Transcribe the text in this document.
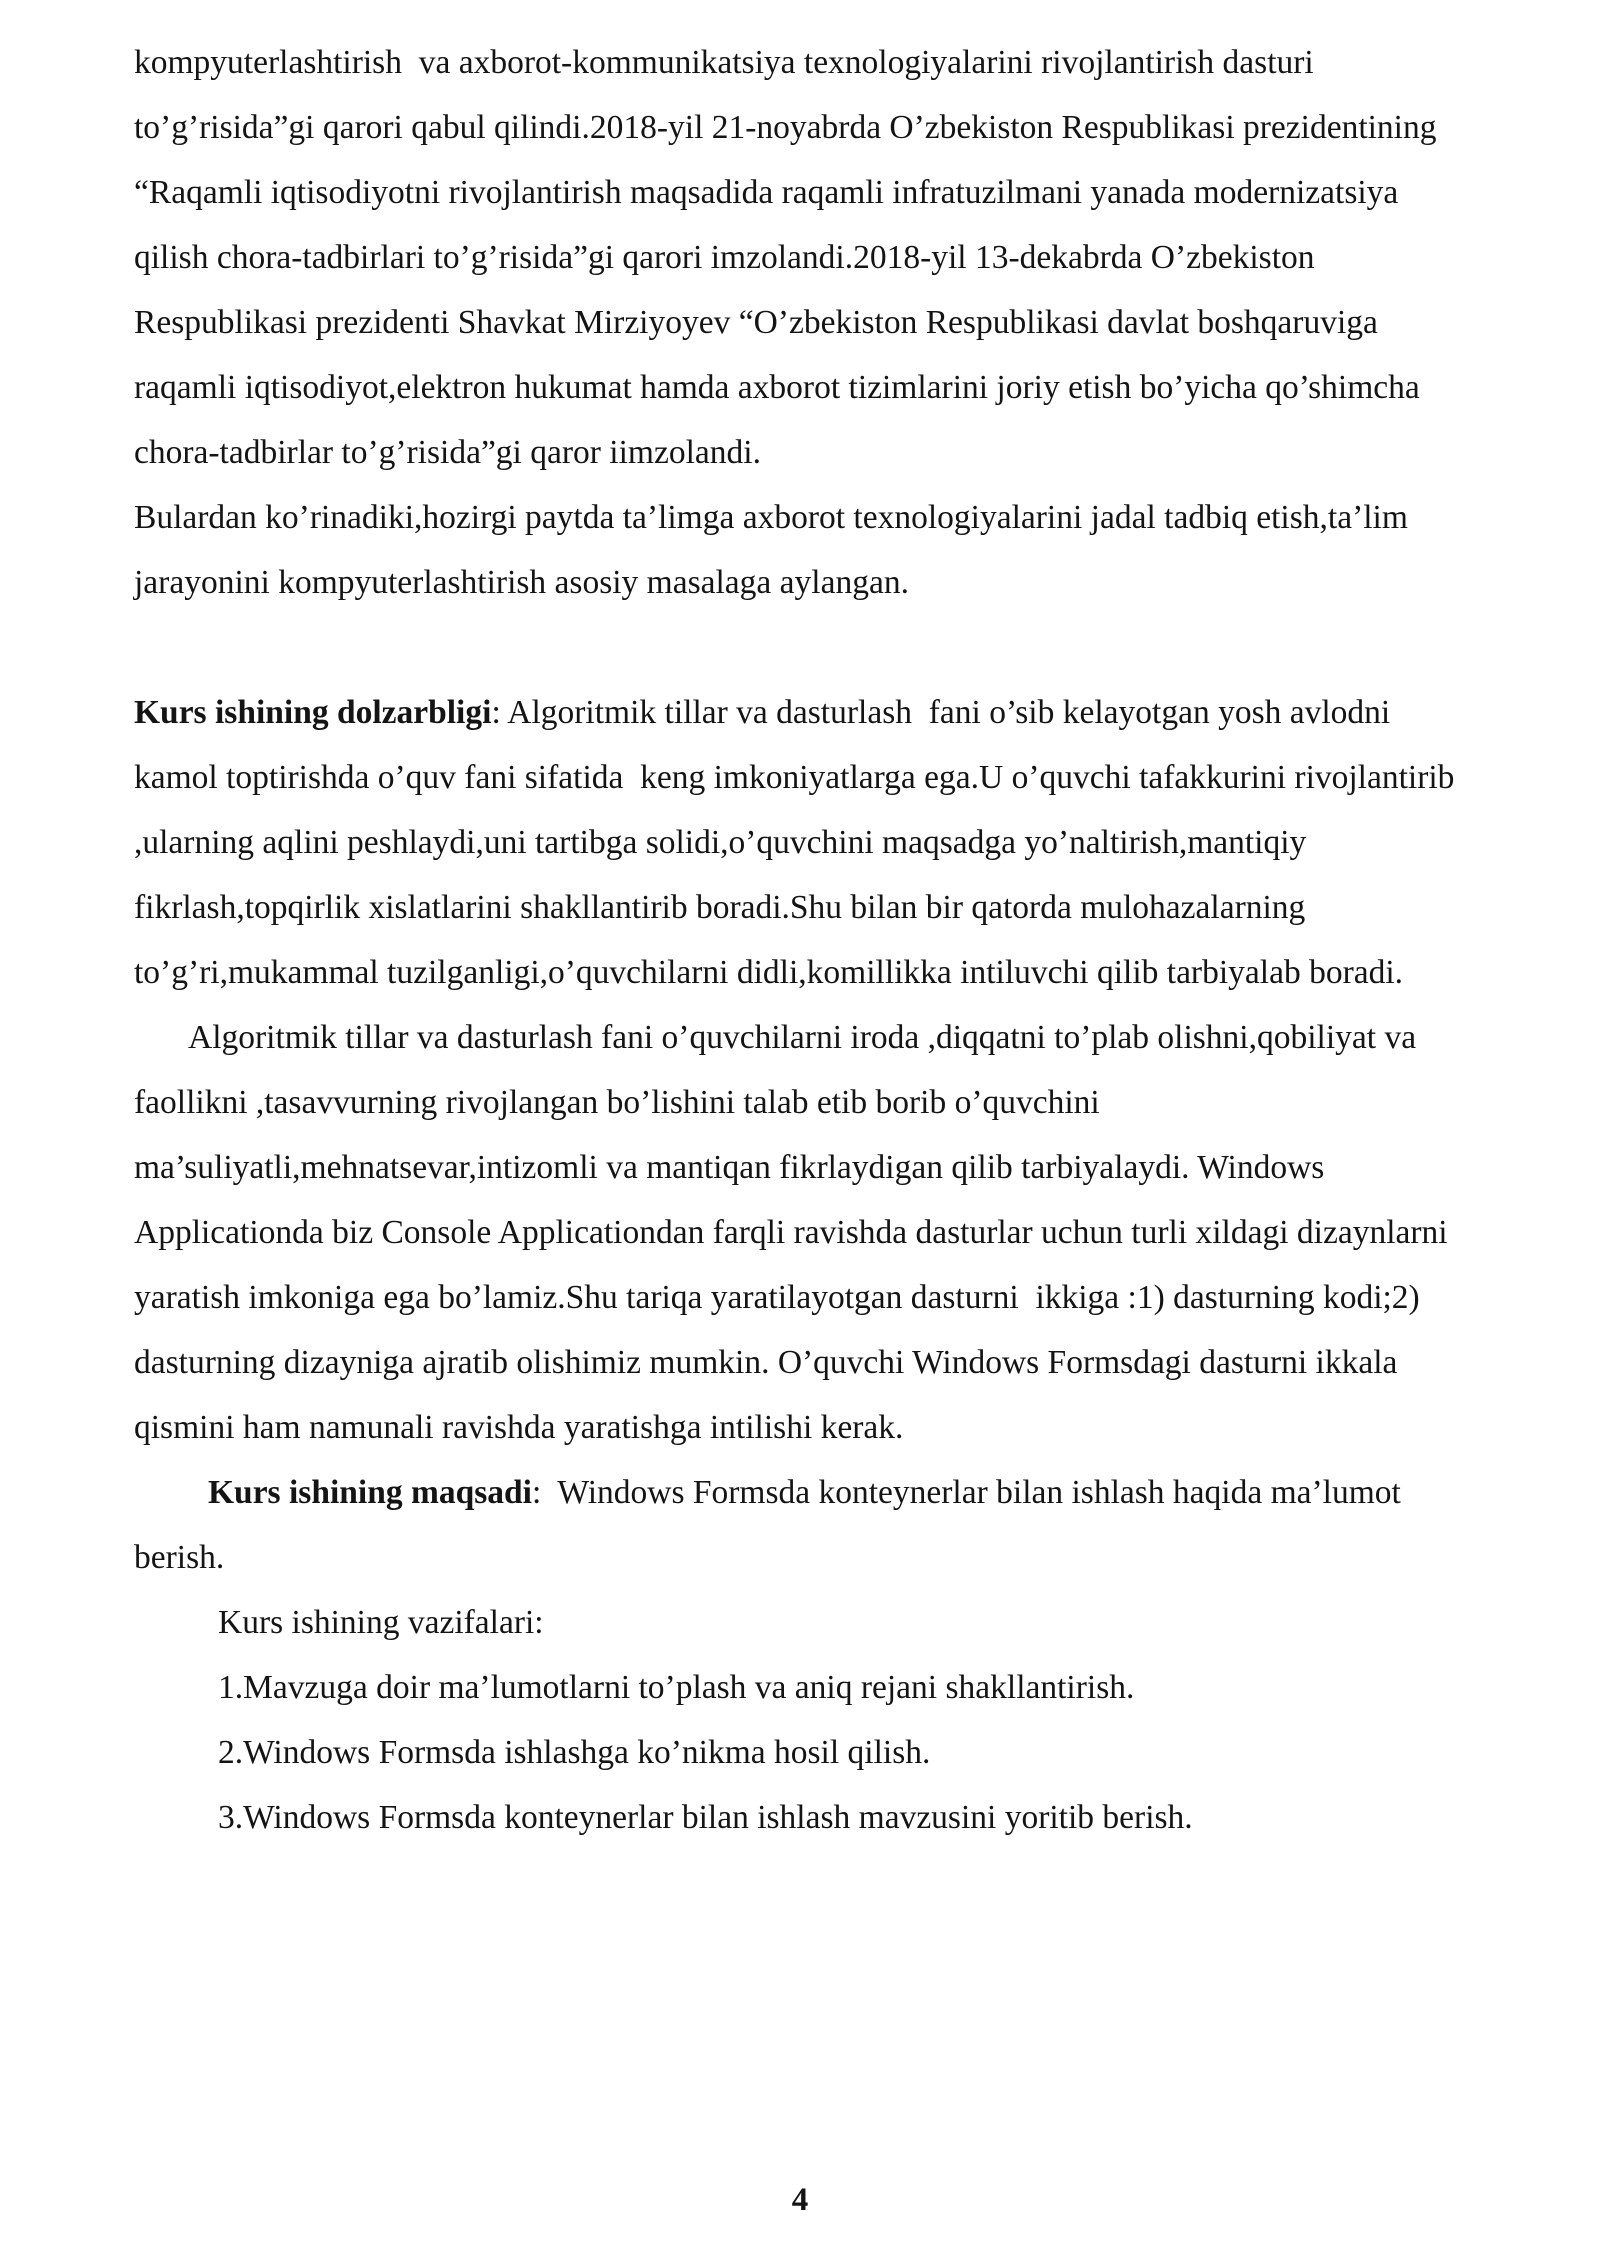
kompyuterlashtirish  va axborot-kommunikatsiya texnologiyalarini rivojlantirish dasturi to’g’risida”gi qarori qabul qilindi.2018-yil 21-noyabrda O’zbekiston Respublikasi prezidentining “Raqamli iqtisodiyotni rivojlantirish maqsadida raqamli infratuzilmani yanada modernizatsiya qilish chora-tadbirlari to’g’risida”gi qarori imzolandi.2018-yil 13-dekabrda O’zbekiston Respublikasi prezidenti Shavkat Mirziyoyev “O’zbekiston Respublikasi davlat boshqaruviga raqamli iqtisodiyot,elektron hukumat hamda axborot tizimlarini joriy etish bo’yicha qo’shimcha chora-tadbirlar to’g’risida”gi qaror iimzolandi.

Bulardan ko’rinadiki,hozirgi paytda ta’limga axborot texnologiyalarini jadal tadbiq etish,ta’lim jarayonini kompyuterlashtirish asosiy masalaga aylangan.

Kurs ishining dolzarbligi: Algoritmik tillar va dasturlash  fani o’sib kelayotgan yosh avlodni kamol toptirishda o’quv fani sifatida  keng imkoniyatlarga ega.U o’quvchi tafakkurini rivojlantirib ,ularning aqlini peshlaydi,uni tartibga solidi,o’quvchini maqsadga yo’naltirish,mantiqiy fikrlash,topqirlik xislatlarini shakllantirib boradi.Shu bilan bir qatorda mulohazalarning to’g’ri,mukammal tuzilganligi,o’quvchilarni didli,komillikka intiluvchi qilib tarbiyalab boradi.

Algoritmik tillar va dasturlash fani o’quvchilarni iroda ,diqqatni to’plab olishni,qobiliyat va faollikni ,tasavvurning rivojlangan bo’lishini talab etib borib o’quvchini ma’suliyatli,mehnatsevar,intizomli va mantiqan fikrlaydigan qilib tarbiyalaydi. Windows Applicationda biz Console Applicationdan farqli ravishda dasturlar uchun turli xildagi dizaynlarni yaratish imkoniga ega bo’lamiz.Shu tariqa yaratilayotgan dasturni  ikkiga :1) dasturning kodi;2) dasturning dizayniga ajratib olishimiz mumkin. O’quvchi Windows Formsdagi dasturni ikkala qismini ham namunali ravishda yaratishga intilishi kerak.

Kurs ishining maqsadi:  Windows Formsda konteynerlar bilan ishlash haqida ma’lumot berish.

Kurs ishining vazifalari:

1.Mavzuga doir ma’lumotlarni to’plash va aniq rejani shakllantirish.

2.Windows Formsda ishlashga ko’nikma hosil qilish.

3.Windows Formsda konteynerlar bilan ishlash mavzusini yoritib berish.

4
